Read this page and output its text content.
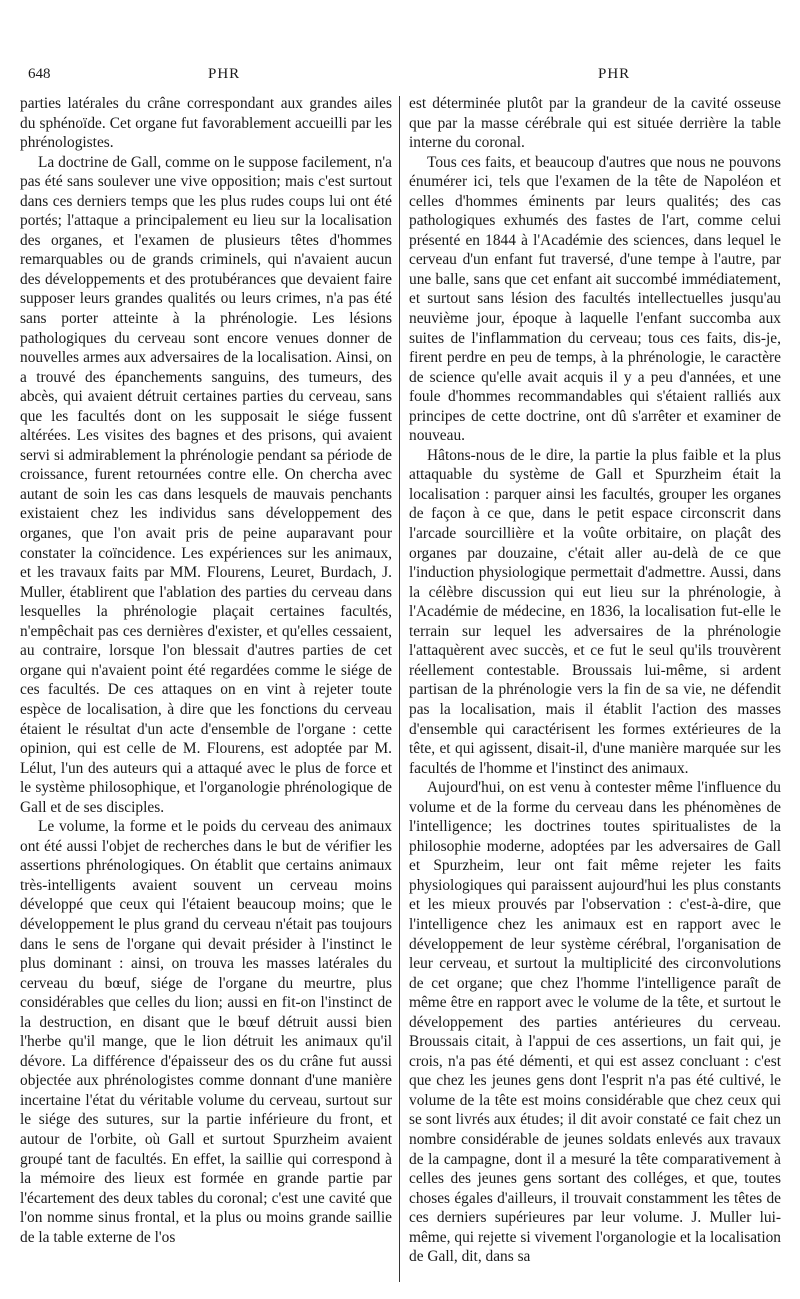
648	PHR	PHR

parties latérales du crâne correspondant aux grandes ailes du sphénoïde. Cet organe fut favorablement accueilli par les phrénologistes.

La doctrine de Gall, comme on le suppose facilement, n'a pas été sans soulever une vive opposition; mais c'est surtout dans ces derniers temps que les plus rudes coups lui ont été portés; l'attaque a principalement eu lieu sur la localisation des organes, et l'examen de plusieurs têtes d'hommes remarquables ou de grands criminels, qui n'avaient aucun des développements et des protubérances que devaient faire supposer leurs grandes qualités ou leurs crimes, n'a pas été sans porter atteinte à la phrénologie. Les lésions pathologiques du cerveau sont encore venues donner de nouvelles armes aux adversaires de la localisation. Ainsi, on a trouvé des épanchements sanguins, des tumeurs, des abcès, qui avaient détruit certaines parties du cerveau, sans que les facultés dont on les supposait le siége fussent altérées. Les visites des bagnes et des prisons, qui avaient servi si admirablement la phrénologie pendant sa période de croissance, furent retournées contre elle. On chercha avec autant de soin les cas dans lesquels de mauvais penchants existaient chez les individus sans développement des organes, que l'on avait pris de peine auparavant pour constater la coïncidence. Les expériences sur les animaux, et les travaux faits par MM. Flourens, Leuret, Burdach, J. Muller, établirent que l'ablation des parties du cerveau dans lesquelles la phrénologie plaçait certaines facultés, n'empêchait pas ces dernières d'exister, et qu'elles cessaient, au contraire, lorsque l'on blessait d'autres parties de cet organe qui n'avaient point été regardées comme le siége de ces facultés. De ces attaques on en vint à rejeter toute espèce de localisation, à dire que les fonctions du cerveau étaient le résultat d'un acte d'ensemble de l'organe : cette opinion, qui est celle de M. Flourens, est adoptée par M. Lélut, l'un des auteurs qui a attaqué avec le plus de force et le système philosophique, et l'organologie phrénologique de Gall et de ses disciples.

Le volume, la forme et le poids du cerveau des animaux ont été aussi l'objet de recherches dans le but de vérifier les assertions phrénologiques. On établit que certains animaux très-intelligents avaient souvent un cerveau moins développé que ceux qui l'étaient beaucoup moins; que le développement le plus grand du cerveau n'était pas toujours dans le sens de l'organe qui devait présider à l'instinct le plus dominant : ainsi, on trouva les masses latérales du cerveau du bœuf, siége de l'organe du meurtre, plus considérables que celles du lion; aussi en fit-on l'instinct de la destruction, en disant que le bœuf détruit aussi bien l'herbe qu'il mange, que le lion détruit les animaux qu'il dévore. La différence d'épaisseur des os du crâne fut aussi objectée aux phrénologistes comme donnant d'une manière incertaine l'état du véritable volume du cerveau, surtout sur le siége des sutures, sur la partie inférieure du front, et autour de l'orbite, où Gall et surtout Spurzheim avaient groupé tant de facultés. En effet, la saillie qui correspond à la mémoire des lieux est formée en grande partie par l'écartement des deux tables du coronal; c'est une cavité que l'on nomme sinus frontal, et la plus ou moins grande saillie de la table externe de l'os

est déterminée plutôt par la grandeur de la cavité osseuse que par la masse cérébrale qui est située derrière la table interne du coronal.

Tous ces faits, et beaucoup d'autres que nous ne pouvons énumérer ici, tels que l'examen de la tête de Napoléon et celles d'hommes éminents par leurs qualités; des cas pathologiques exhumés des fastes de l'art, comme celui présenté en 1844 à l'Académie des sciences, dans lequel le cerveau d'un enfant fut traversé, d'une tempe à l'autre, par une balle, sans que cet enfant ait succombé immédiatement, et surtout sans lésion des facultés intellectuelles jusqu'au neuvième jour, époque à laquelle l'enfant succomba aux suites de l'inflammation du cerveau; tous ces faits, dis-je, firent perdre en peu de temps, à la phrénologie, le caractère de science qu'elle avait acquis il y a peu d'années, et une foule d'hommes recommandables qui s'étaient ralliés aux principes de cette doctrine, ont dû s'arrêter et examiner de nouveau.

Hâtons-nous de le dire, la partie la plus faible et la plus attaquable du système de Gall et Spurzheim était la localisation : parquer ainsi les facultés, grouper les organes de façon à ce que, dans le petit espace circonscrit dans l'arcade sourcillière et la voûte orbitaire, on plaçât des organes par douzaine, c'était aller au-delà de ce que l'induction physiologique permettait d'admettre. Aussi, dans la célèbre discussion qui eut lieu sur la phrénologie, à l'Académie de médecine, en 1836, la localisation fut-elle le terrain sur lequel les adversaires de la phrénologie l'attaquèrent avec succès, et ce fut le seul qu'ils trouvèrent réellement contestable. Broussais lui-même, si ardent partisan de la phrénologie vers la fin de sa vie, ne défendit pas la localisation, mais il établit l'action des masses d'ensemble qui caractérisent les formes extérieures de la tête, et qui agissent, disait-il, d'une manière marquée sur les facultés de l'homme et l'instinct des animaux.

Aujourd'hui, on est venu à contester même l'influence du volume et de la forme du cerveau dans les phénomènes de l'intelligence; les doctrines toutes spiritualistes de la philosophie moderne, adoptées par les adversaires de Gall et Spurzheim, leur ont fait même rejeter les faits physiologiques qui paraissent aujourd'hui les plus constants et les mieux prouvés par l'observation : c'est-à-dire, que l'intelligence chez les animaux est en rapport avec le développement de leur système cérébral, l'organisation de leur cerveau, et surtout la multiplicité des circonvolutions de cet organe; que chez l'homme l'intelligence paraît de même être en rapport avec le volume de la tête, et surtout le développement des parties antérieures du cerveau. Broussais citait, à l'appui de ces assertions, un fait qui, je crois, n'a pas été démenti, et qui est assez concluant : c'est que chez les jeunes gens dont l'esprit n'a pas été cultivé, le volume de la tête est moins considérable que chez ceux qui se sont livrés aux études; il dit avoir constaté ce fait chez un nombre considérable de jeunes soldats enlevés aux travaux de la campagne, dont il a mesuré la tête comparativement à celles des jeunes gens sortant des colléges, et que, toutes choses égales d'ailleurs, il trouvait constamment les têtes de ces derniers supérieures par leur volume. J. Muller lui-même, qui rejette si vivement l'organologie et la localisation de Gall, dit, dans sa
